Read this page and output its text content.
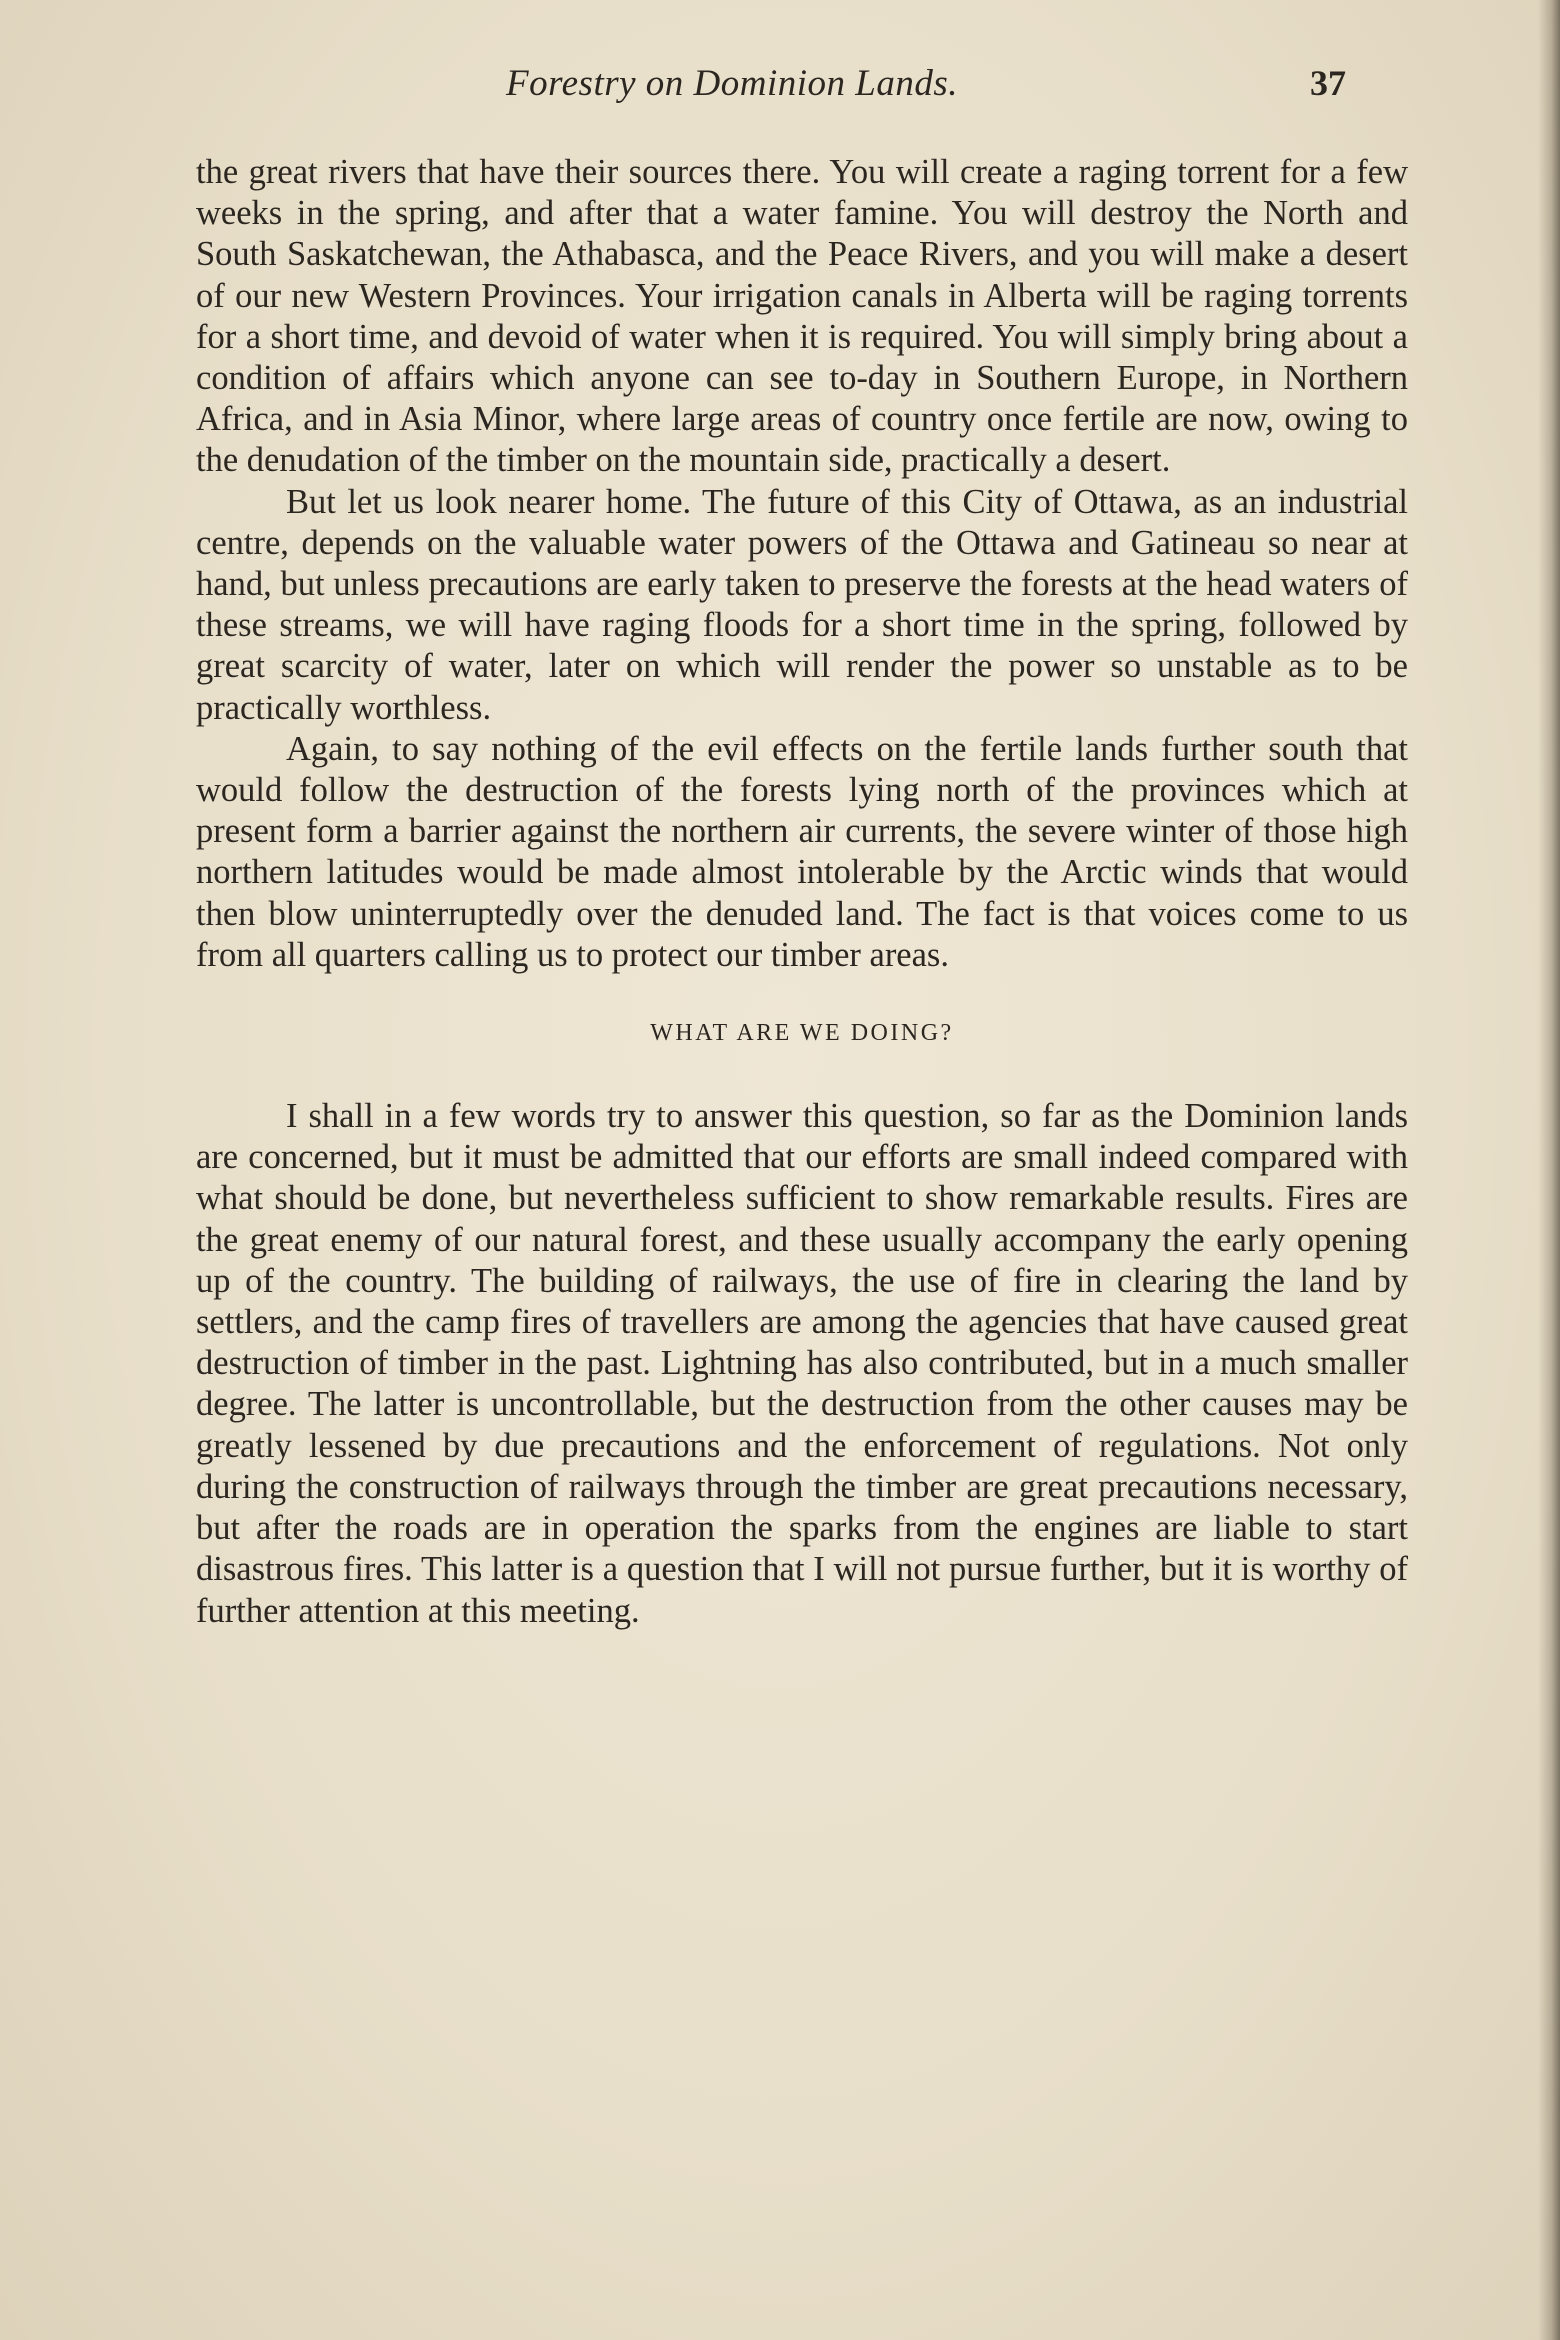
Forestry on Dominion Lands.	37

the great rivers that have their sources there. You will create a raging torrent for a few weeks in the spring, and after that a water famine. You will destroy the North and South Saskatchewan, the Athabasca, and the Peace Rivers, and you will make a desert of our new Western Provinces. Your irrigation canals in Alberta will be raging torrents for a short time, and devoid of water when it is required. You will simply bring about a condition of affairs which anyone can see to-day in Southern Europe, in Northern Africa, and in Asia Minor, where large areas of country once fertile are now, owing to the denudation of the timber on the mountain side, practically a desert.

But let us look nearer home. The future of this City of Ottawa, as an industrial centre, depends on the valuable water powers of the Ottawa and Gatineau so near at hand, but unless precautions are early taken to preserve the forests at the head waters of these streams, we will have raging floods for a short time in the spring, followed by great scarcity of water, later on which will render the power so unstable as to be practically worthless.

Again, to say nothing of the evil effects on the fertile lands further south that would follow the destruction of the forests lying north of the provinces which at present form a barrier against the northern air currents, the severe winter of those high northern latitudes would be made almost intolerable by the Arctic winds that would then blow uninterruptedly over the denuded land. The fact is that voices come to us from all quarters calling us to protect our timber areas.

WHAT ARE WE DOING?

I shall in a few words try to answer this question, so far as the Dominion lands are concerned, but it must be admitted that our efforts are small indeed compared with what should be done, but nevertheless sufficient to show remarkable results. Fires are the great enemy of our natural forest, and these usually accompany the early opening up of the country. The building of railways, the use of fire in clearing the land by settlers, and the camp fires of travellers are among the agencies that have caused great destruction of timber in the past. Lightning has also contributed, but in a much smaller degree. The latter is uncontrollable, but the destruction from the other causes may be greatly lessened by due precautions and the enforcement of regulations. Not only during the construction of railways through the timber are great precautions necessary, but after the roads are in operation the sparks from the engines are liable to start disastrous fires. This latter is a question that I will not pursue further, but it is worthy of further attention at this meeting.
